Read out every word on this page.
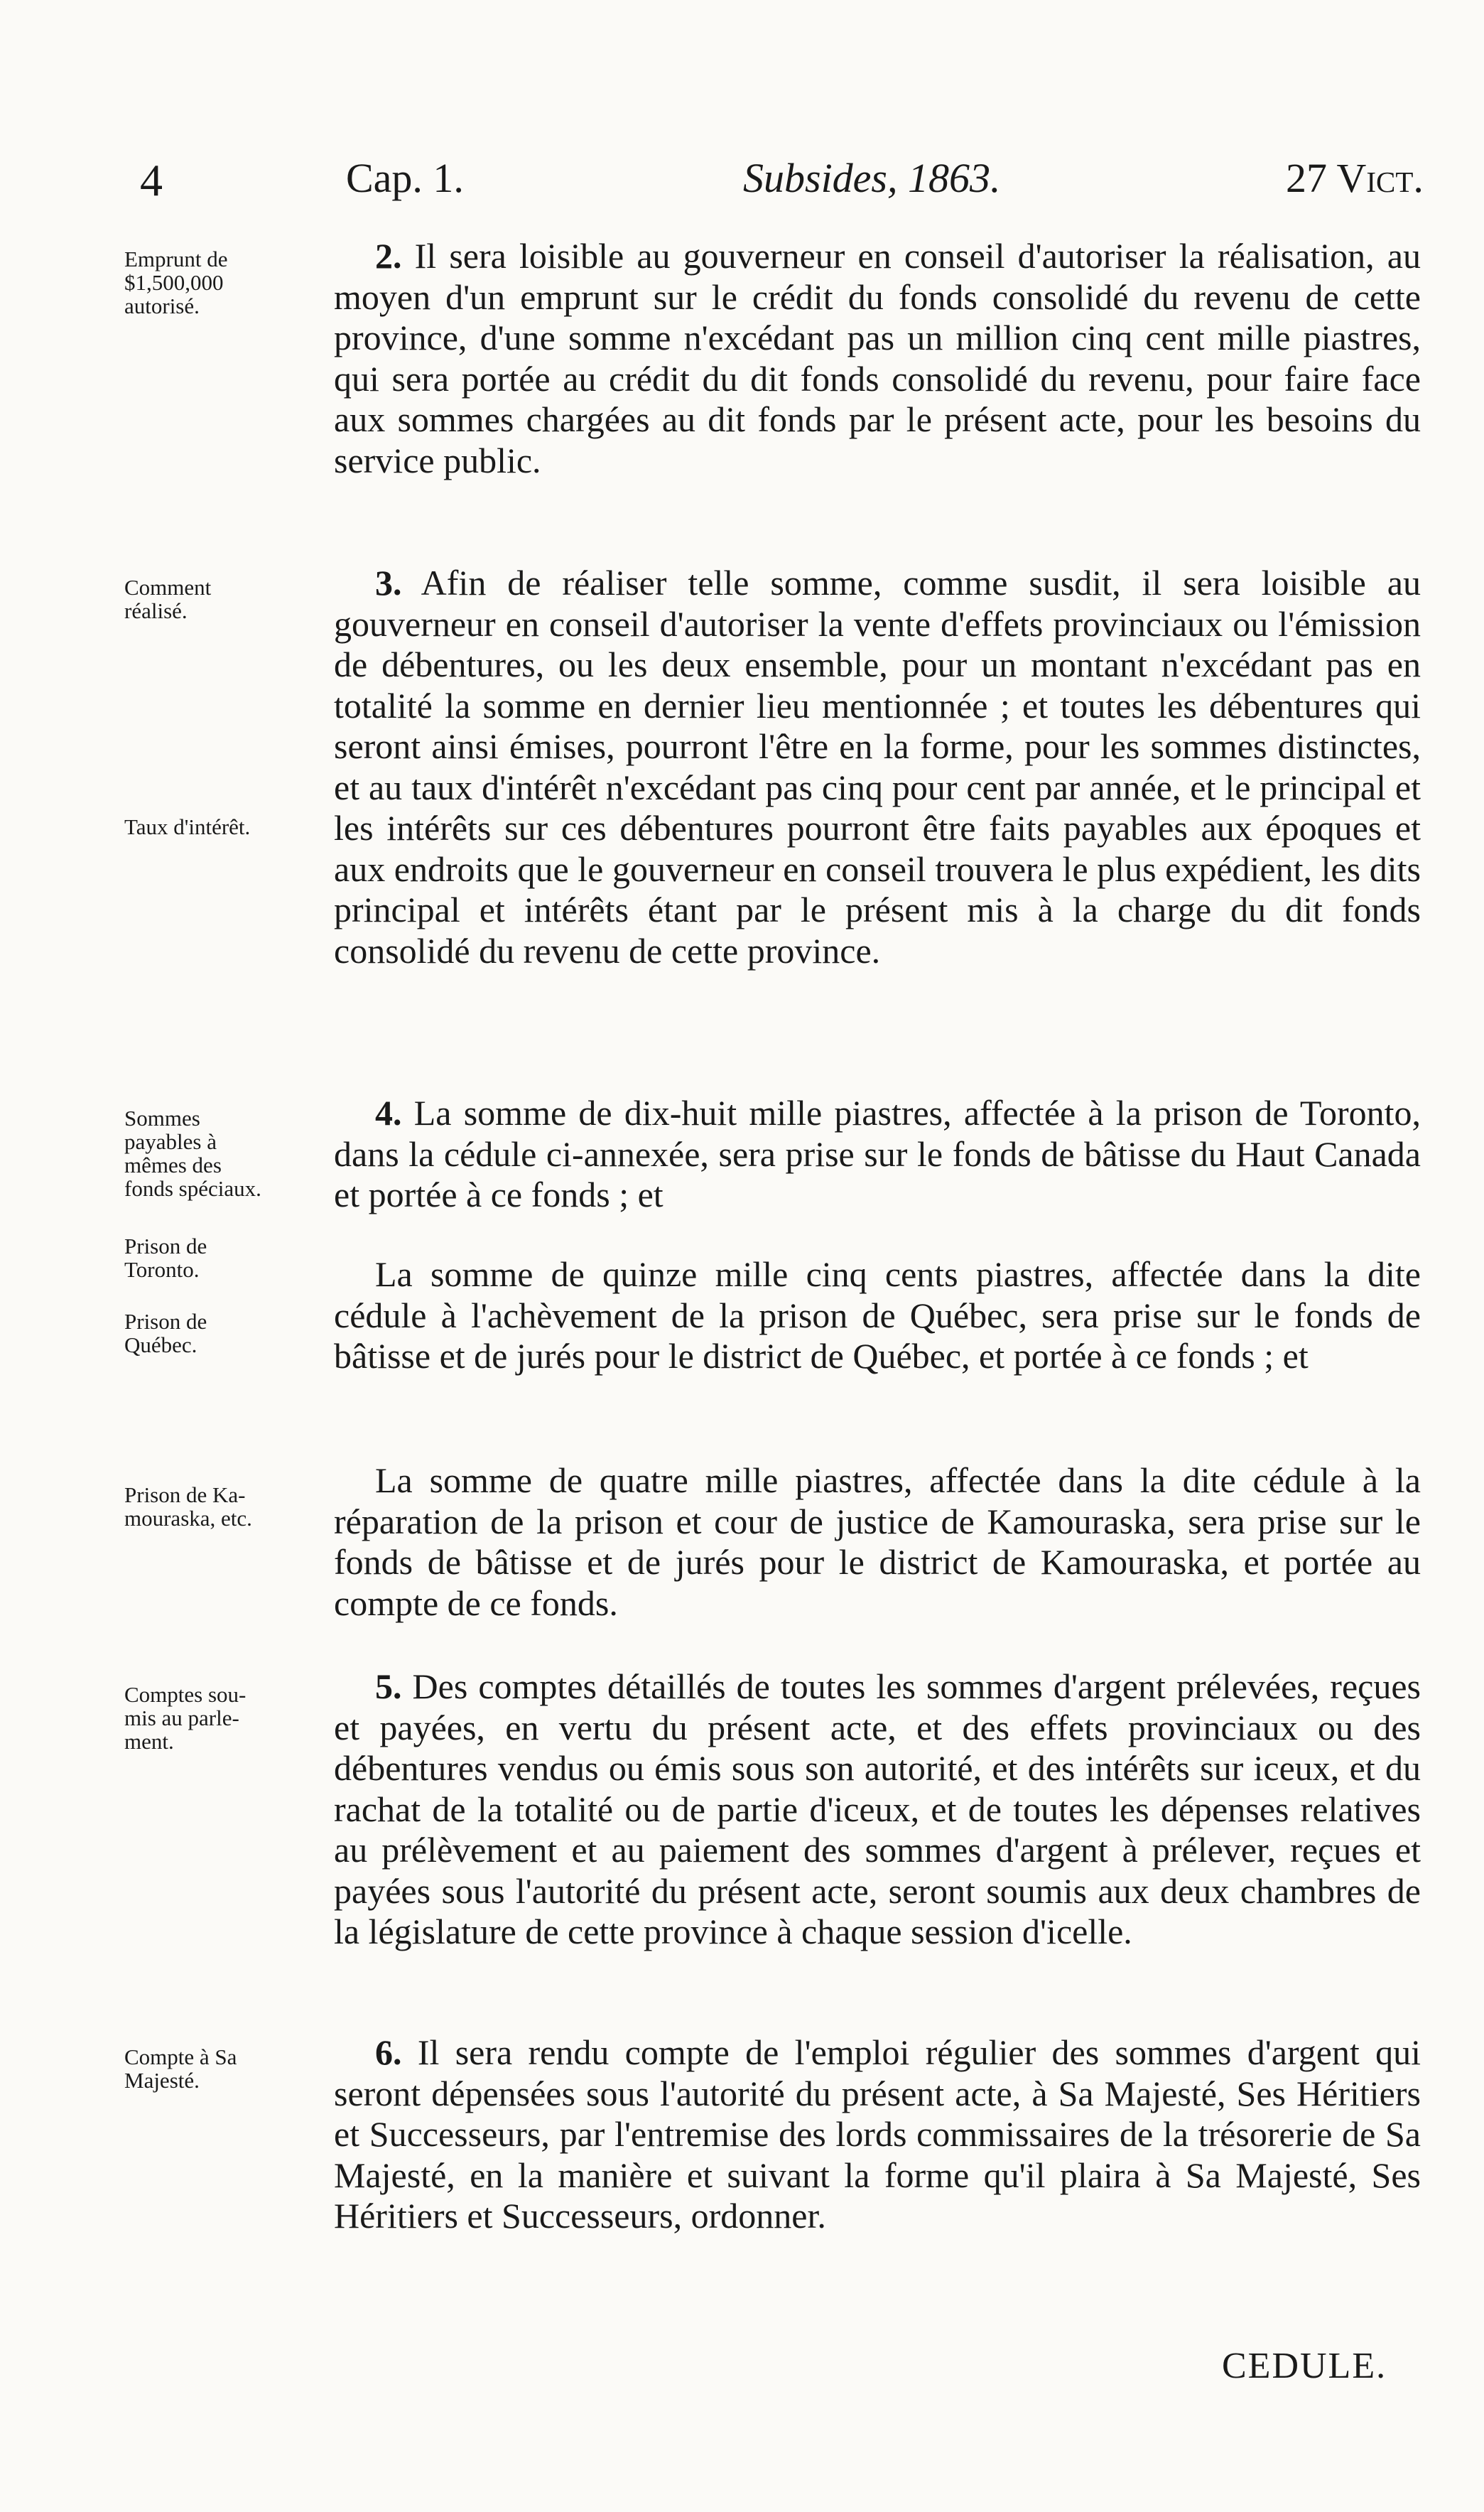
4	Cap. 1.	Subsides, 1863.	27 Vict.
Emprunt de
$1,500,000
autorisé.
Comment
réalisé.
Taux d'intérêt.
Sommes
payables à
mêmes des
fonds spéciaux.
Prison de
Toronto.
Prison de
Québec.
Prison de Ka-
mouraska, etc.
Comptes sou-
mis au parle-
ment.
Compte à Sa
Majesté.
2. Il sera loisible au gouverneur en conseil d'autoriser la réalisation, au moyen d'un emprunt sur le crédit du fonds consolidé du revenu de cette province, d'une somme n'excédant pas un million cinq cent mille piastres, qui sera portée au crédit du dit fonds consolidé du revenu, pour faire face aux sommes chargées au dit fonds par le présent acte, pour les besoins du service public.
3. Afin de réaliser telle somme, comme susdit, il sera loisible au gouverneur en conseil d'autoriser la vente d'effets provinciaux ou l'émission de débentures, ou les deux ensemble, pour un montant n'excédant pas en totalité la somme en dernier lieu mentionnée ; et toutes les débentures qui seront ainsi émises, pourront l'être en la forme, pour les sommes distinctes, et au taux d'intérêt n'excédant pas cinq pour cent par année, et le principal et les intérêts sur ces débentures pourront être faits payables aux époques et aux endroits que le gouverneur en conseil trouvera le plus expédient, les dits principal et intérêts étant par le présent mis à la charge du dit fonds consolidé du revenu de cette province.
4. La somme de dix-huit mille piastres, affectée à la prison de Toronto, dans la cédule ci-annexée, sera prise sur le fonds de bâtisse du Haut Canada et portée à ce fonds ; et
La somme de quinze mille cinq cents piastres, affectée dans la dite cédule à l'achèvement de la prison de Québec, sera prise sur le fonds de bâtisse et de jurés pour le district de Québec, et portée à ce fonds ; et
La somme de quatre mille piastres, affectée dans la dite cédule à la réparation de la prison et cour de justice de Kamouraska, sera prise sur le fonds de bâtisse et de jurés pour le district de Kamouraska, et portée au compte de ce fonds.
5. Des comptes détaillés de toutes les sommes d'argent prélevées, reçues et payées, en vertu du présent acte, et des effets provinciaux ou des débentures vendus ou émis sous son autorité, et des intérêts sur iceux, et du rachat de la totalité ou de partie d'iceux, et de toutes les dépenses relatives au prélèvement et au paiement des sommes d'argent à prélever, reçues et payées sous l'autorité du présent acte, seront soumis aux deux chambres de la législature de cette province à chaque session d'icelle.
6. Il sera rendu compte de l'emploi régulier des sommes d'argent qui seront dépensées sous l'autorité du présent acte, à Sa Majesté, Ses Héritiers et Successeurs, par l'entremise des lords commissaires de la trésorerie de Sa Majesté, en la manière et suivant la forme qu'il plaira à Sa Majesté, Ses Héritiers et Successeurs, ordonner.
CEDULE.
